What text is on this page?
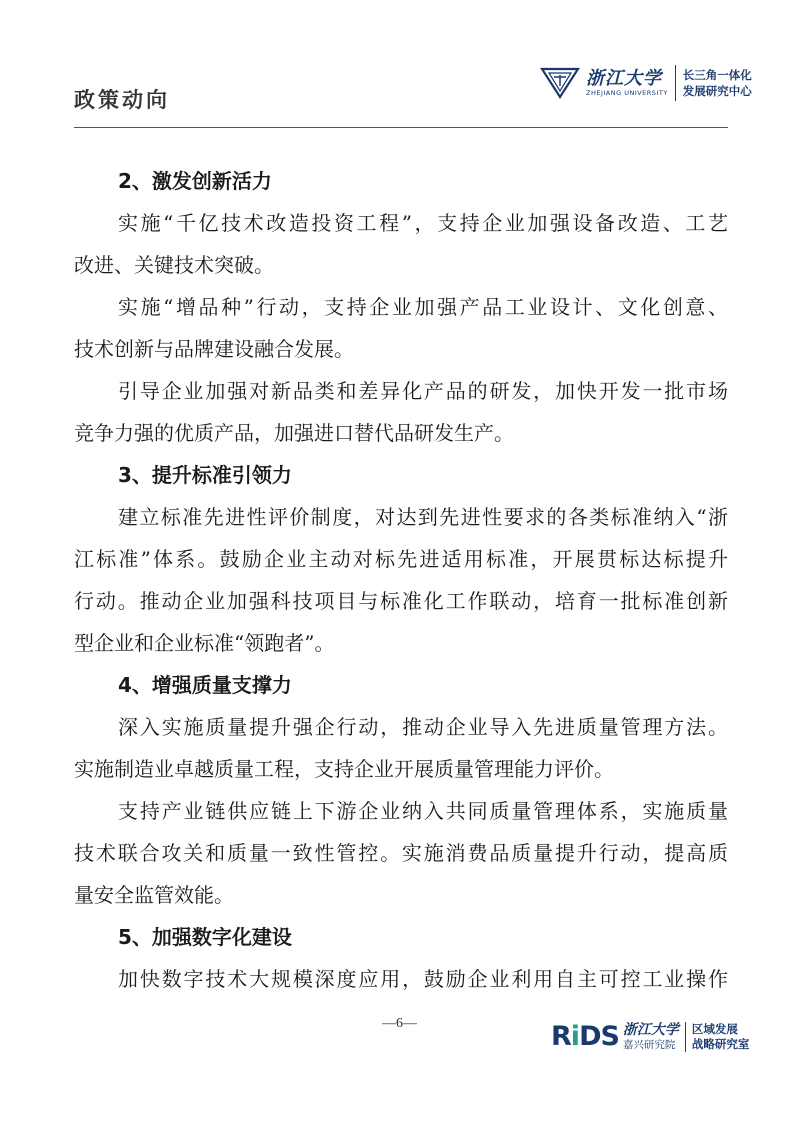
政策动向
浙江大学
ZHEJIANG UNIVERSITY
长三角一体化
发展研究中心
2、激发创新活力
实施“千亿技术改造投资工程”，支持企业加强设备改造、工艺
改进、关键技术突破。
实施“增品种”行动，支持企业加强产品工业设计、文化创意、
技术创新与品牌建设融合发展。
引导企业加强对新品类和差异化产品的研发，加快开发一批市场
竞争力强的优质产品，加强进口替代品研发生产。
3、提升标准引领力
建立标准先进性评价制度，对达到先进性要求的各类标准纳入“浙
江标准”体系。鼓励企业主动对标先进适用标准，开展贯标达标提升
行动。推动企业加强科技项目与标准化工作联动，培育一批标准创新
型企业和企业标准“领跑者”。
4、增强质量支撑力
深入实施质量提升强企行动，推动企业导入先进质量管理方法。
实施制造业卓越质量工程，支持企业开展质量管理能力评价。
支持产业链供应链上下游企业纳入共同质量管理体系，实施质量
技术联合攻关和质量一致性管控。实施消费品质量提升行动，提高质
量安全监管效能。
5、加强数字化建设
加快数字技术大规模深度应用，鼓励企业利用自主可控工业操作
—6—	RiDS 浙江大学
嘉兴研究院
区域发展
战略研究室
